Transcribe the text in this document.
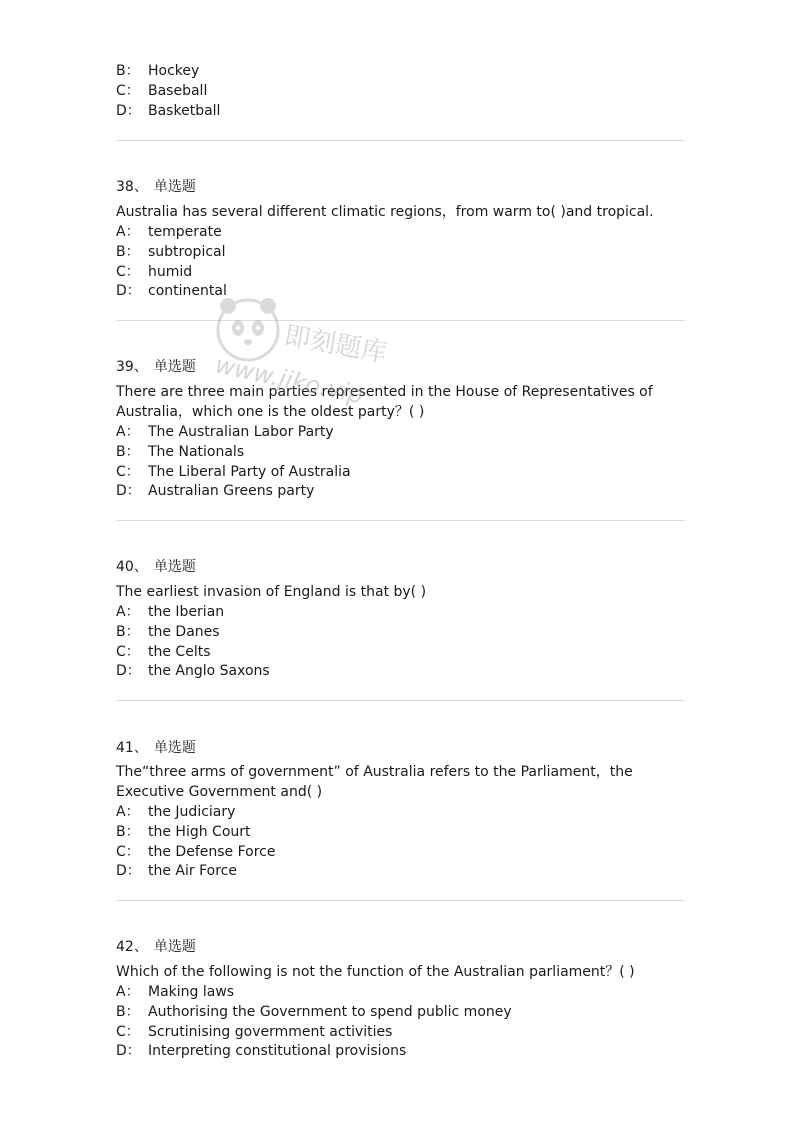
B： Hockey
C： Baseball
D： Basketball
38、 单选题
Australia has several different climatic regions，from warm to( )and tropical.
A： temperate
B： subtropical
C： humid
D： continental
39、 单选题
There are three main parties represented in the House of Representatives of
Australia，which one is the oldest party？( )
A： The Australian Labor Party
B： The Nationals
C： The Liberal Party of Australia
D： Australian Greens party
40、 单选题
The earliest invasion of England is that by( )
A： the Iberian
B： the Danes
C： the Celts
D： the Anglo Saxons
41、 单选题
The“three arms of government” of Australia refers to the Parliament，the
Executive Government and( )
A： the Judiciary
B： the High Court
C： the Defense Force
D： the Air Force
42、 单选题
Which of the following is not the function of the Australian parliament？( )
A： Making laws
B： Authorising the Government to spend public money
C： Scrutinising govermment activities
D： Interpreting constitutional provisions
即刻题库
www.jiko.vip
